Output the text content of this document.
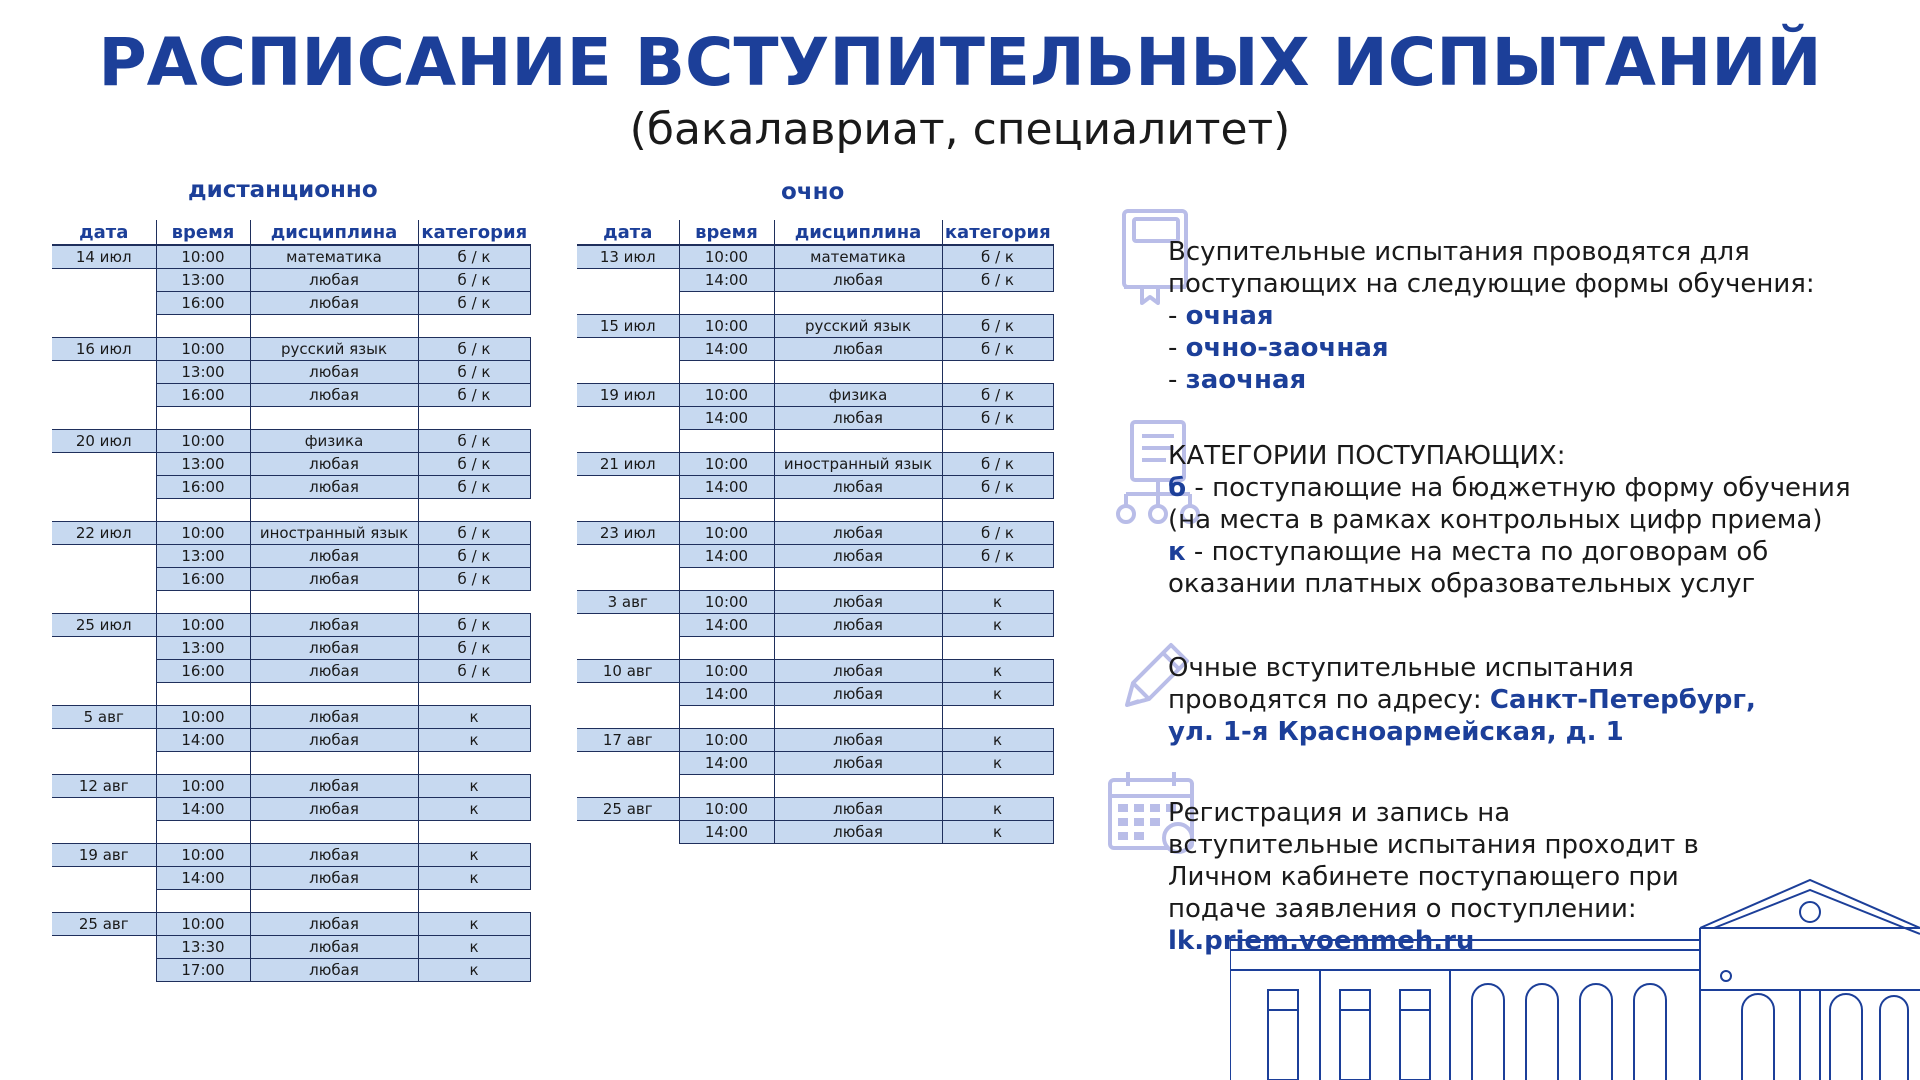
РАСПИСАНИЕ ВСТУПИТЕЛЬНЫХ ИСПЫТАНИЙ
(бакалавриат, специалитет)
дистанционно	очно
дата	время	дисциплина	категория
14 июл	10:00	математика	б / к
	13:00	любая	б / к
	16:00	любая	б / к

16 июл	10:00	русский язык	б / к
	13:00	любая	б / к
	16:00	любая	б / к

20 июл	10:00	физика	б / к
	13:00	любая	б / к
	16:00	любая	б / к

22 июл	10:00	иностранный язык	б / к
	13:00	любая	б / к
	16:00	любая	б / к

25 июл	10:00	любая	б / к
	13:00	любая	б / к
	16:00	любая	б / к

5 авг	10:00	любая	к
	14:00	любая	к

12 авг	10:00	любая	к
	14:00	любая	к

19 авг	10:00	любая	к
	14:00	любая	к

25 авг	10:00	любая	к
	13:30	любая	к
	17:00	любая	к
дата	время	дисциплина	категория
13 июл	10:00	математика	б / к
	14:00	любая	б / к

15 июл	10:00	русский язык	б / к
	14:00	любая	б / к

19 июл	10:00	физика	б / к
	14:00	любая	б / к

21 июл	10:00	иностранный язык	б / к
	14:00	любая	б / к

23 июл	10:00	любая	б / к
	14:00	любая	б / к

3 авг	10:00	любая	к
	14:00	любая	к

10 авг	10:00	любая	к
	14:00	любая	к

17 авг	10:00	любая	к
	14:00	любая	к

25 авг	10:00	любая	к
	14:00	любая	к
Всупительные испытания проводятся для поступающих на следующие формы обучения:
- очная
- очно-заочная
- заочная
КАТЕГОРИИ ПОСТУПАЮЩИХ:
б - поступающие на бюджетную форму обучения (на места в рамках контрольных цифр приема)
к - поступающие на места по договорам об оказании платных образовательных услуг
Очные вступительные испытания проводятся по адресу: Санкт-Петербург, ул. 1-я Красноармейская, д. 1
Регистрация и запись на вступительные испытания проходит в Личном кабинете поступающего при подаче заявления о поступлении: lk.priem.voenmeh.ru
